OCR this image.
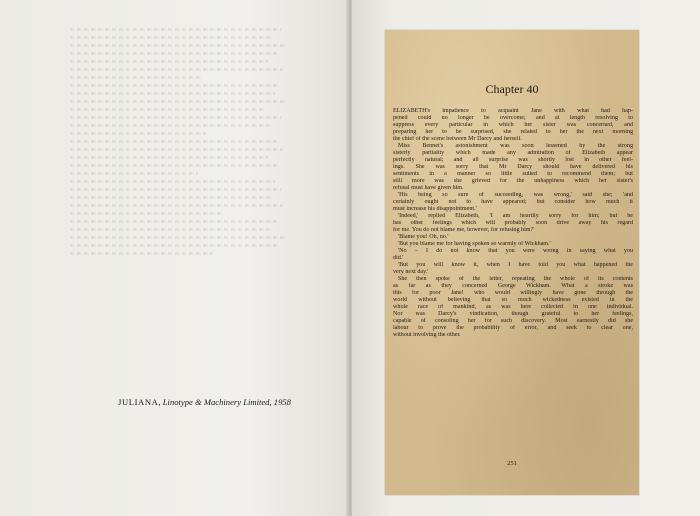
JULIANA, Linotype & Machinery Limited, 1958
Chapter 40
ELIZABETH's impatience to acquaint Jane with what had hap-
pened could no longer be overcome; and at length resolving to
suppress every particular in which her sister was concerned, and
preparing her to be surprised, she related to her the next morning
the chief of the scene between Mr Darcy and herself.
Miss Bennet's astonishment was soon lessened by the strong
sisterly partiality which made any admiration of Elizabeth appear
perfectly natural; and all surprise was shortly lost in other feel-
ings. She was sorry that Mr Darcy should have delivered his
sentiments in a manner so little suited to recommend them; but
still more was she grieved for the unhappiness which her sister's
refusal must have given him.
'His being so sure of succeeding, was wrong,' said she; 'and
certainly ought not to have appeared; but consider how much it
must increase his disappointment.'
'Indeed,' replied Elizabeth, 'I am heartily sorry for him; but he
has other feelings which will probably soon drive away his regard
for me. You do not blame me, however, for refusing him?'
'Blame you! Oh, no.'
'But you blame me for having spoken so warmly of Wickham.'
'No – I do not know that you were wrong in saying what you
did.'
'But you will know it, when I have told you what happened the
very next day.'
She then spoke of the letter, repeating the whole of its contents
as far as they concerned George Wickham. What a stroke was
this for poor Jane! who would willingly have gone through the
world without believing that so much wickedness existed in the
whole race of mankind, as was here collected in one individual.
Nor was Darcy's vindication, though grateful to her feelings,
capable of consoling her for such discovery. Most earnestly did she
labour to prove the probability of error, and seek to clear one,
without involving the other.
251
